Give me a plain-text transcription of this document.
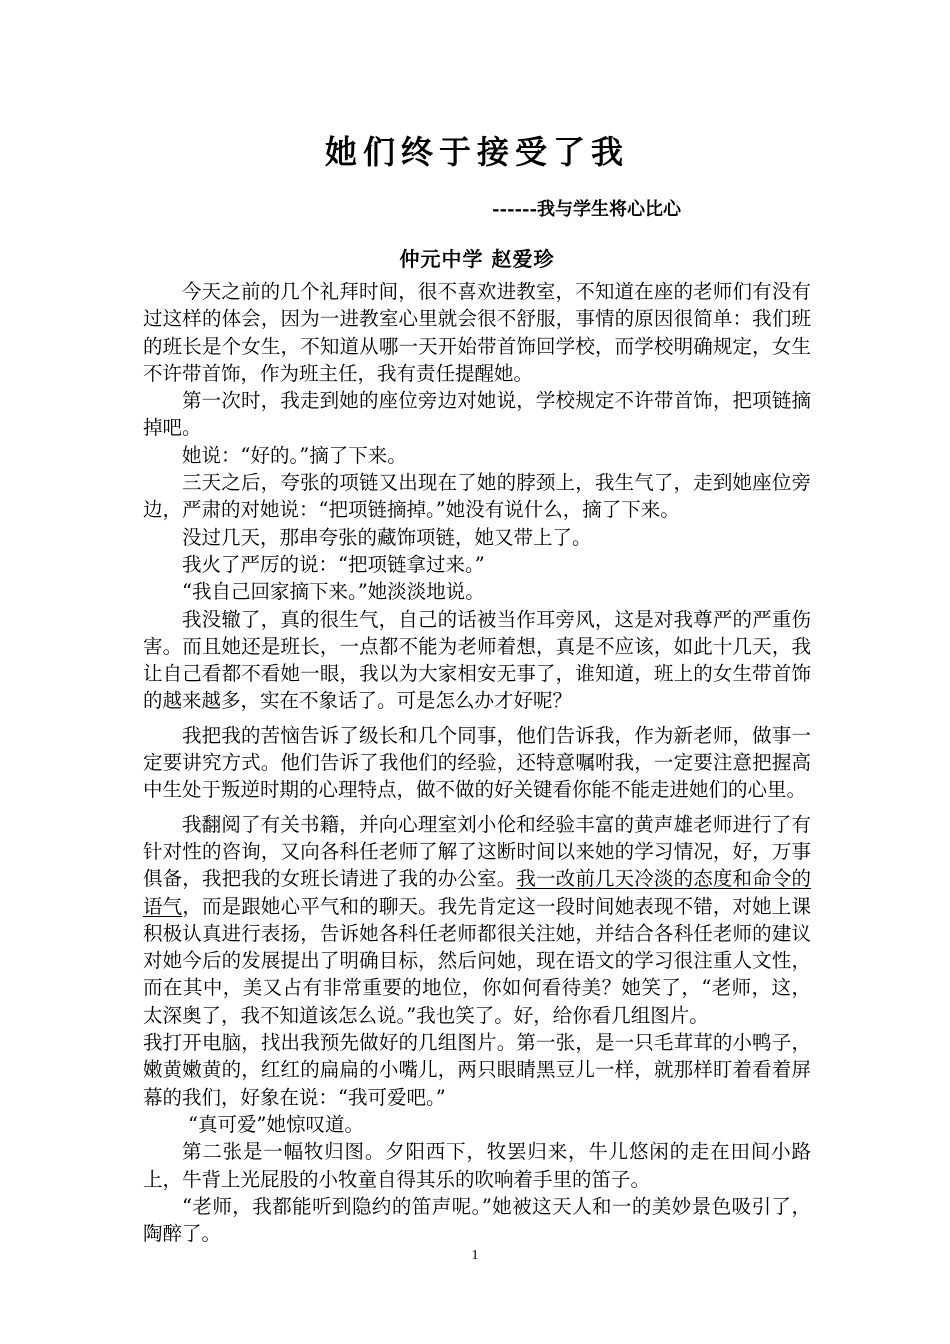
她们终于接受了我
------我与学生将心比心
仲元中学 赵爱珍

今天之前的几个礼拜时间，很不喜欢进教室，不知道在座的老师们有没有过这样的体会，因为一进教室心里就会很不舒服，事情的原因很简单：我们班的班长是个女生，不知道从哪一天开始带首饰回学校，而学校明确规定，女生不许带首饰，作为班主任，我有责任提醒她。

第一次时，我走到她的座位旁边对她说，学校规定不许带首饰，把项链摘掉吧。

她说：“好的。”摘了下来。

三天之后，夸张的项链又出现在了她的脖颈上，我生气了，走到她座位旁边，严肃的对她说：“把项链摘掉。”她没有说什么，摘了下来。

没过几天，那串夸张的藏饰项链，她又带上了。

我火了严厉的说：“把项链拿过来。”

“我自己回家摘下来。”她淡淡地说。

我没辙了，真的很生气，自己的话被当作耳旁风，这是对我尊严的严重伤害。而且她还是班长，一点都不能为老师着想，真是不应该，如此十几天，我让自己看都不看她一眼，我以为大家相安无事了，谁知道，班上的女生带首饰的越来越多，实在不象话了。可是怎么办才好呢？

我把我的苦恼告诉了级长和几个同事，他们告诉我，作为新老师，做事一定要讲究方式。他们告诉了我他们的经验，还特意嘱咐我，一定要注意把握高中生处于叛逆时期的心理特点，做不做的好关键看你能不能走进她们的心里。

我翻阅了有关书籍，并向心理室刘小伦和经验丰富的黄声雄老师进行了有针对性的咨询，又向各科任老师了解了这断时间以来她的学习情况，好，万事俱备，我把我的女班长请进了我的办公室。我一改前几天冷淡的态度和命令的语气，而是跟她心平气和的聊天。我先肯定这一段时间她表现不错，对她上课积极认真进行表扬，告诉她各科任老师都很关注她，并结合各科任老师的建议对她今后的发展提出了明确目标，然后问她，现在语文的学习很注重人文性，而在其中，美又占有非常重要的地位，你如何看待美？她笑了，“老师，这，太深奥了，我不知道该怎么说。”我也笑了。好，给你看几组图片。

我打开电脑，找出我预先做好的几组图片。第一张，是一只毛茸茸的小鸭子，嫩黄嫩黄的，红红的扁扁的小嘴儿，两只眼睛黑豆儿一样，就那样盯着看着屏幕的我们，好象在说：“我可爱吧。”

“真可爱”她惊叹道。

第二张是一幅牧归图。夕阳西下，牧罢归来，牛儿悠闲的走在田间小路上，牛背上光屁股的小牧童自得其乐的吹响着手里的笛子。

“老师，我都能听到隐约的笛声呢。”她被这天人和一的美妙景色吸引了，陶醉了。

1
